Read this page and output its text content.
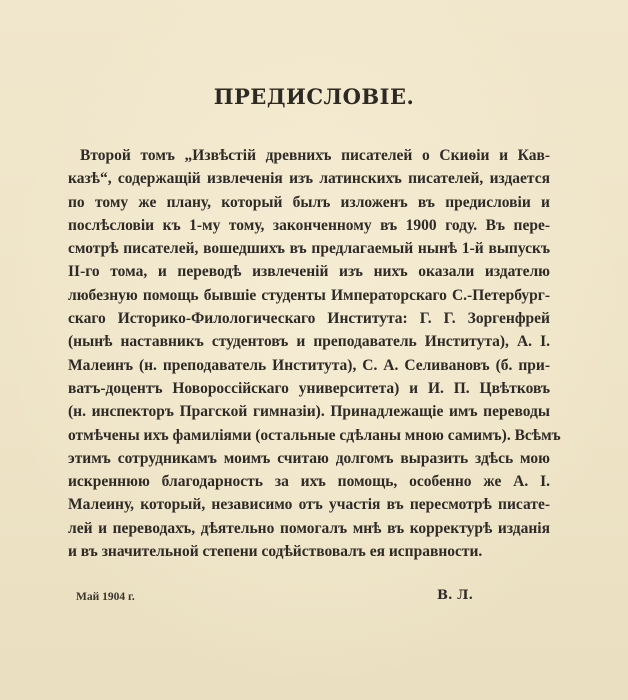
ПРЕДИСЛОВІЕ.
Второй томъ „Извѣстій древнихъ писателей о Скиѳіи и Кав-
казѣ“, содержащій извлеченія изъ латинскихъ писателей, издается
по тому же плану, который былъ изложенъ въ предисловіи и
послѣсловіи къ 1-му тому, законченному въ 1900 году. Въ пере-
смотрѣ писателей, вошедшихъ въ предлагаемый нынѣ 1-й выпускъ
II-го тома, и переводѣ извлеченій изъ нихъ оказали издателю
любезную помощь бывшіе студенты Императорскаго С.-Петербург-
скаго Историко-Филологическаго Института: Г. Г. Зоргенфрей
(нынѣ наставникъ студентовъ и преподаватель Института), А. І.
Малеинъ (н. преподаватель Института), С. А. Селивановъ (б. при-
ватъ-доцентъ Новороссійскаго университета) и И. П. Цвѣтковъ
(н. инспекторъ Прагской гимназіи). Принадлежащіе имъ переводы
отмѣчены ихъ фамиліями (остальные сдѣланы мною самимъ). Всѣмъ
этимъ сотрудникамъ моимъ считаю долгомъ выразить здѣсь мою
искреннюю благодарность за ихъ помощь, особенно же А. І.
Малеину, который, независимо отъ участія въ пересмотрѣ писате-
лей и переводахъ, дѣятельно помогалъ мнѣ въ корректурѣ изданія
и въ значительной степени содѣйствовалъ ея исправности.
Май 1904 г.	В. Л.
